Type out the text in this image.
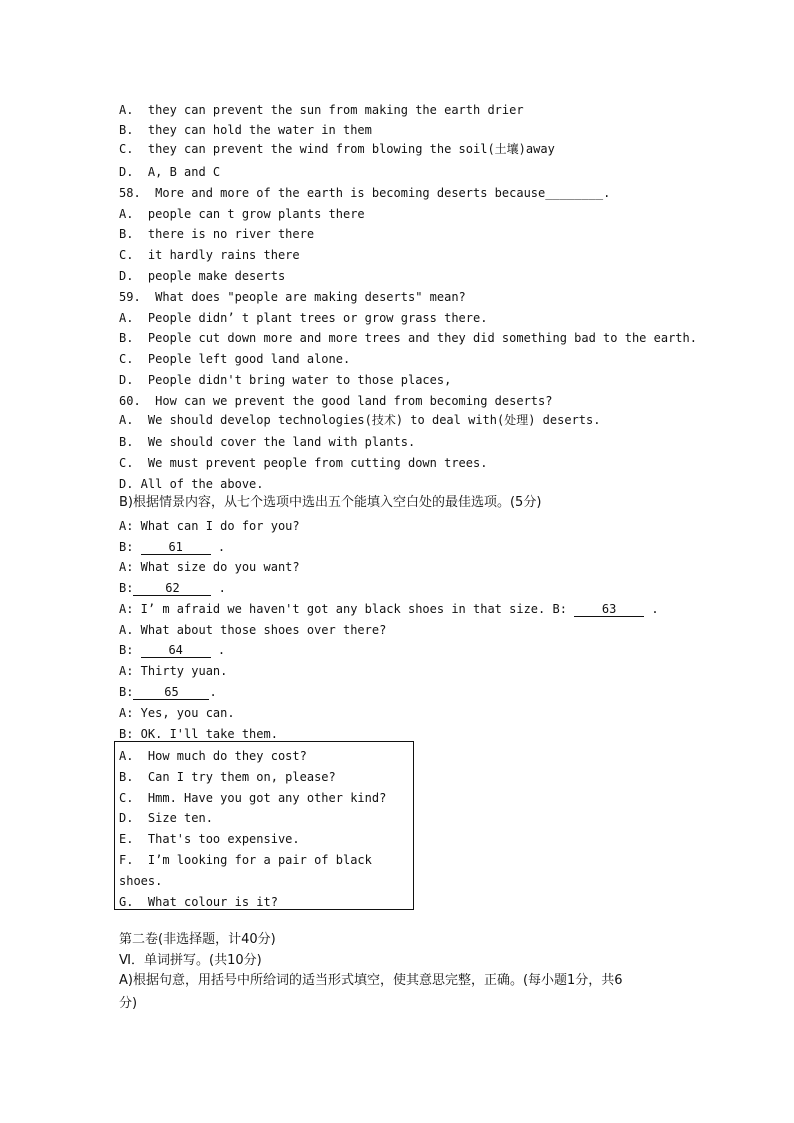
A.  they can prevent the sun from making the earth drier
B.  they can hold the water in them
C.  they can prevent the wind from blowing the soil(土壤)away
D.  A, B and C
58.  More and more of the earth is becoming deserts because________.
A.  people can t grow plants there
B.  there is no river there
C.  it hardly rains there
D.  people make deserts
59.  What does "people are making deserts" mean?
A.  People didn’ t plant trees or grow grass there.
B.  People cut down more and more trees and they did something bad to the earth.
C.  People left good land alone.
D.  People didn't bring water to those places,
60.  How can we prevent the good land from becoming deserts?
A.  We should develop technologies(技术) to deal with(处理) deserts.
B.  We should cover the land with plants.
C.  We must prevent people from cutting down trees.
D. All of the above.
B)根据情景内容，从七个选项中选出五个能填入空白处的最佳选项。(5分)
A: What can I do for you?
B: 61 .
A: What size do you want?
B:	62	.
A: I’ m afraid we haven't got any black shoes in that size. B: 63 .
A. What about those shoes over there?
B: 64 .
A: Thirty yuan.
B:	65	.
A: Yes, you can.
B: OK. I'll take them.
A.  How much do they cost?
B.  Can I try them on, please?
C.  Hmm. Have you got any other kind?
D.  Size ten.
E.  That's too expensive.
F.  I’m looking for a pair of black
shoes.
G.  What colour is it?
第二卷(非选择题，计40分)
Ⅵ．单词拼写。(共10分)
A)根据句意，用括号中所给词的适当形式填空，使其意思完整，正确。(每小题1分，共6
分)
